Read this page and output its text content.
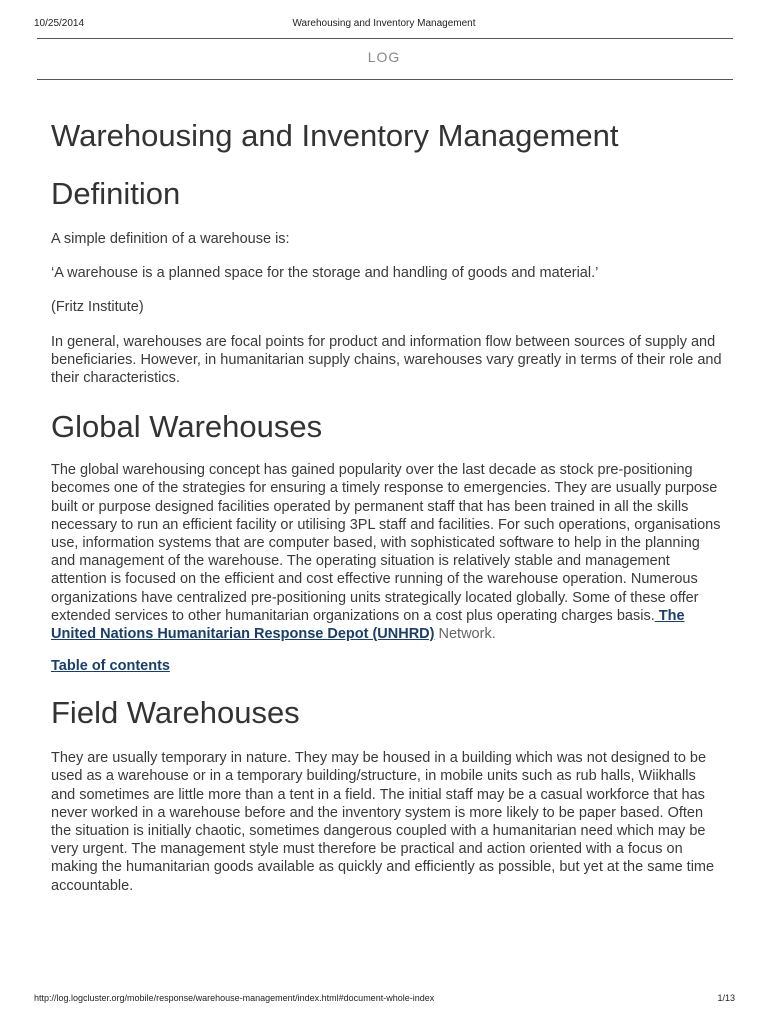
10/25/2014	Warehousing and Inventory Management
LOG
Warehousing and Inventory Management
Definition

A simple definition of a warehouse is:

‘A warehouse is a planned space for the storage and handling of goods and material.’

(Fritz Institute)

In general, warehouses are focal points for product and information flow between sources of supply and beneficiaries. However, in humanitarian supply chains, warehouses vary greatly in terms of their role and their characteristics.

Global Warehouses

The global warehousing concept has gained popularity over the last decade as stock pre-positioning becomes one of the strategies for ensuring a timely response to emergencies. They are usually purpose built or purpose designed facilities operated by permanent staff that has been trained in all the skills necessary to run an efficient facility or utilising 3PL staff and facilities. For such operations, organisations use, information systems that are computer based, with sophisticated software to help in the planning and management of the warehouse. The operating situation is relatively stable and management attention is focused on the efficient and cost effective running of the warehouse operation. Numerous organizations have centralized pre-positioning units strategically located globally. Some of these offer extended services to other humanitarian organizations on a cost plus operating charges basis. The United Nations Humanitarian Response Depot (UNHRD) Network.

Table of contents
Field Warehouses

They are usually temporary in nature. They may be housed in a building which was not designed to be used as a warehouse or in a temporary building/structure, in mobile units such as rub halls, Wiikhalls and sometimes are little more than a tent in a field. The initial staff may be a casual workforce that has never worked in a warehouse before and the inventory system is more likely to be paper based. Often the situation is initially chaotic, sometimes dangerous coupled with a humanitarian need which may be very urgent. The management style must therefore be practical and action oriented with a focus on making the humanitarian goods available as quickly and efficiently as possible, but yet at the same time accountable.

http://log.logcluster.org/mobile/response/warehouse-management/index.html#document-whole-index	1/13
